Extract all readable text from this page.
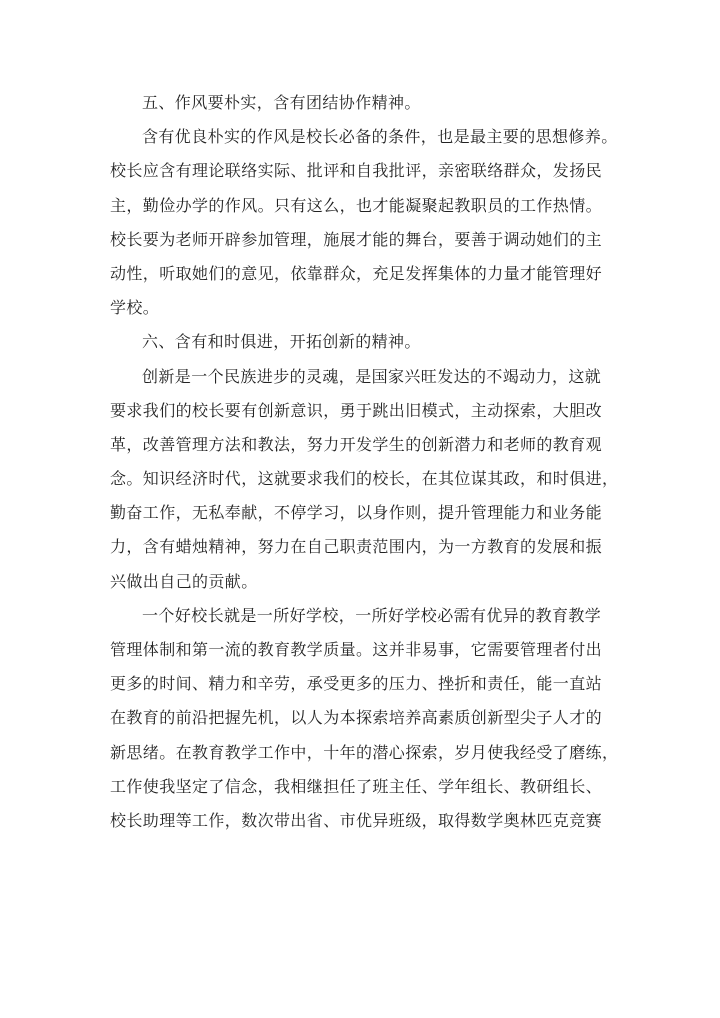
五、作风要朴实，含有团结协作精神。
含有优良朴实的作风是校长必备的条件，也是最主要的思想修养。
校长应含有理论联络实际、批评和自我批评，亲密联络群众，发扬民
主，勤俭办学的作风。只有这么，也才能凝聚起教职员的工作热情。
校长要为老师开辟参加管理，施展才能的舞台，要善于调动她们的主
动性，听取她们的意见，依靠群众，充足发挥集体的力量才能管理好
学校。
六、含有和时俱进，开拓创新的精神。
创新是一个民族进步的灵魂，是国家兴旺发达的不竭动力，这就
要求我们的校长要有创新意识，勇于跳出旧模式，主动探索，大胆改
革，改善管理方法和教法，努力开发学生的创新潜力和老师的教育观
念。知识经济时代，这就要求我们的校长，在其位谋其政，和时俱进，
勤奋工作，无私奉献，不停学习，以身作则，提升管理能力和业务能
力，含有蜡烛精神，努力在自己职责范围内，为一方教育的发展和振
兴做出自己的贡献。
一个好校长就是一所好学校，一所好学校必需有优异的教育教学
管理体制和第一流的教育教学质量。这并非易事，它需要管理者付出
更多的时间、精力和辛劳，承受更多的压力、挫折和责任，能一直站
在教育的前沿把握先机，以人为本探索培养高素质创新型尖子人才的
新思绪。在教育教学工作中，十年的潜心探索，岁月使我经受了磨练，
工作使我坚定了信念，我相继担任了班主任、学年组长、教研组长、
校长助理等工作，数次带出省、市优异班级，取得数学奥林匹克竞赛
